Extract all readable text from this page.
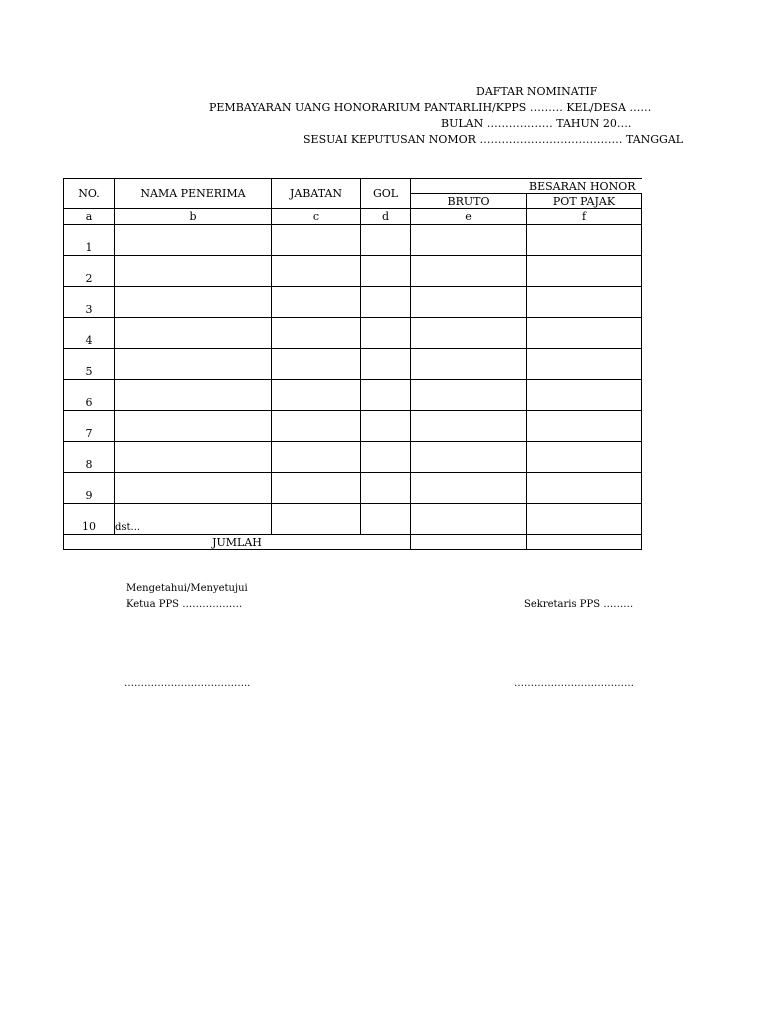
DAFTAR NOMINATIF
PEMBAYARAN UANG HONORARIUM PANTARLIH/KPPS ……… KEL/DESA ……
BULAN ……………… TAHUN 20….
SESUAI KEPUTUSAN NOMOR ………………………………… TANGGAL
NO.	NAMA PENERIMA	JABATAN	GOL	BESARAN HONOR	
				BRUTO	POT PAJAK
a	b	c	d	e	f
1					
2					
3					
4					
5					
6					
7					
8					
9					
10	dst...				
JUMLAH					
Mengetahui/Menyetujui
Ketua PPS ………………	Sekretaris PPS ………
………………………………..	………………………………
